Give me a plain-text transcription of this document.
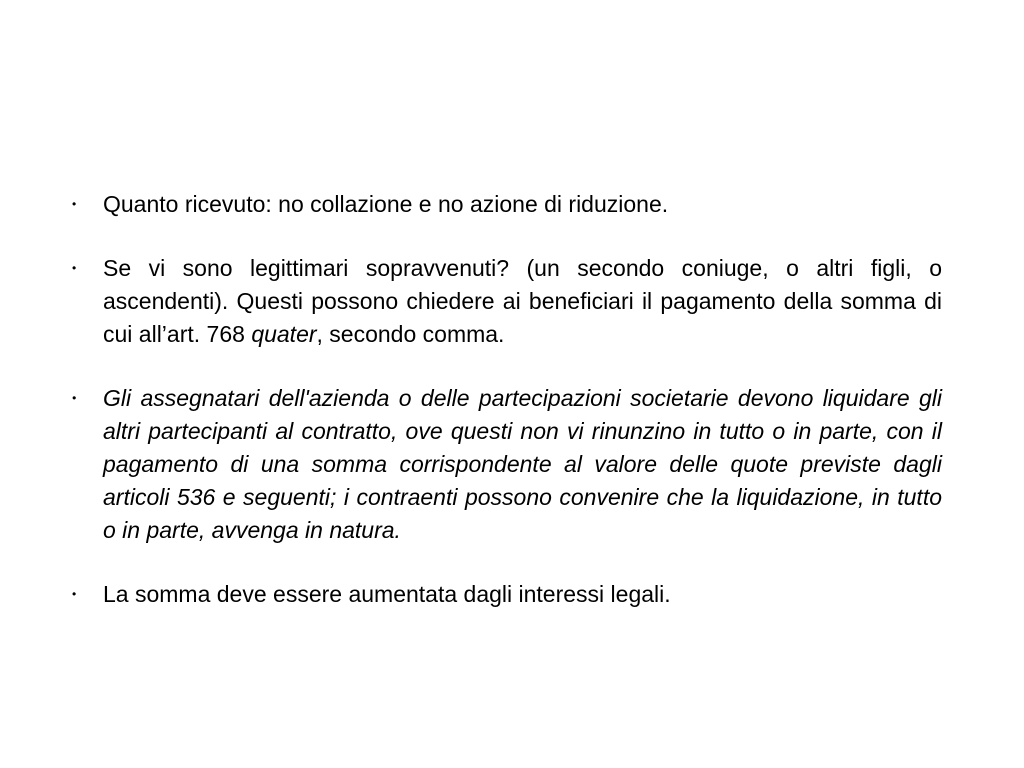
• Quanto ricevuto: no collazione e no azione di riduzione.
• Se vi sono legittimari sopravvenuti? (un secondo coniuge, o altri figli, o ascendenti). Questi possono chiedere ai beneficiari il pagamento della somma di cui all’art. 768 quater, secondo comma.
• Gli assegnatari dell'azienda o delle partecipazioni societarie devono liquidare gli altri partecipanti al contratto, ove questi non vi rinunzino in tutto o in parte, con il pagamento di una somma corrispondente al valore delle quote previste dagli articoli 536 e seguenti; i contraenti possono convenire che la liquidazione, in tutto o in parte, avvenga in natura.
• La somma deve essere aumentata dagli interessi legali.
